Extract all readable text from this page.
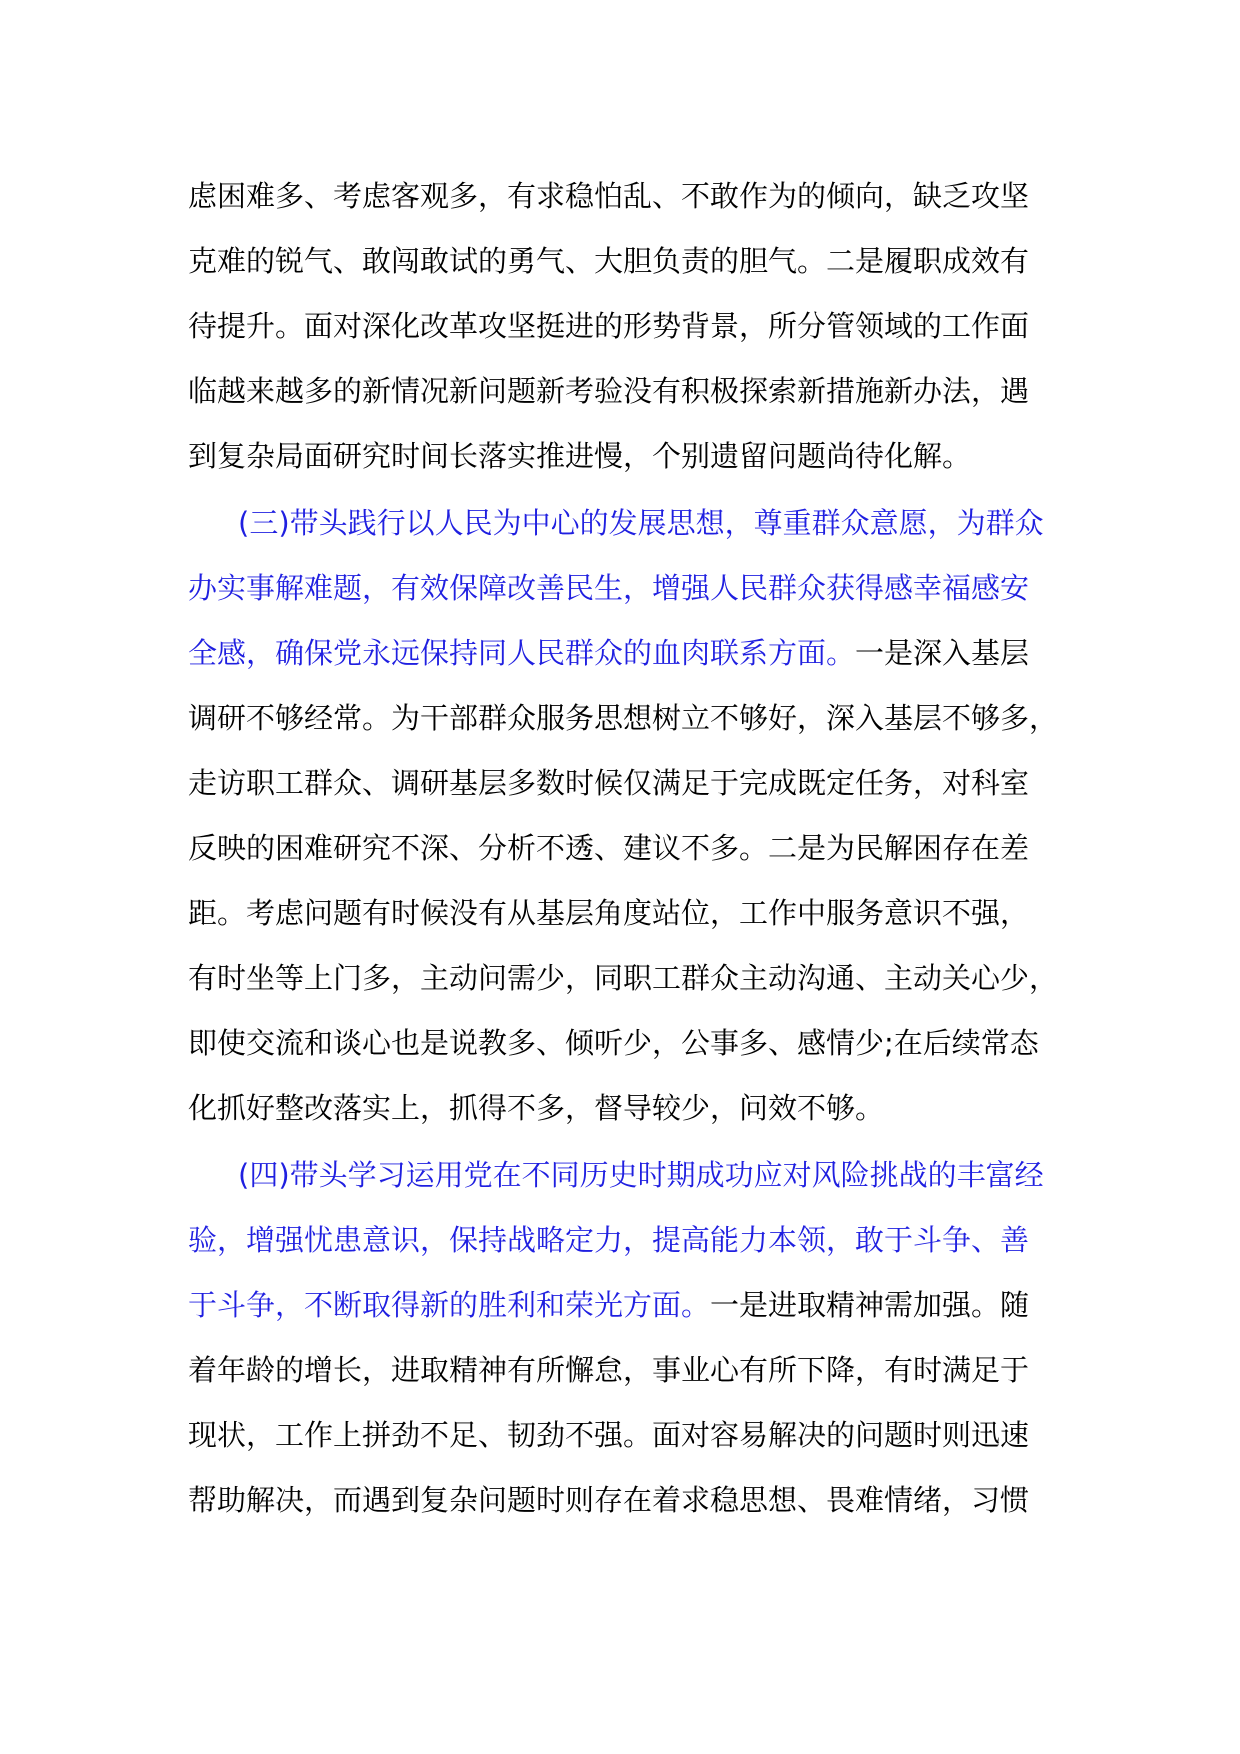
虑困难多、考虑客观多，有求稳怕乱、不敢作为的倾向，缺乏攻坚
克难的锐气、敢闯敢试的勇气、大胆负责的胆气。二是履职成效有
待提升。面对深化改革攻坚挺进的形势背景，所分管领域的工作面
临越来越多的新情况新问题新考验没有积极探索新措施新办法，遇
到复杂局面研究时间长落实推进慢，个别遗留问题尚待化解。
(三)带头践行以人民为中心的发展思想，尊重群众意愿，为群众
办实事解难题，有效保障改善民生，增强人民群众获得感幸福感安
全感，确保党永远保持同人民群众的血肉联系方面。一是深入基层
调研不够经常。为干部群众服务思想树立不够好，深入基层不够多，
走访职工群众、调研基层多数时候仅满足于完成既定任务，对科室
反映的困难研究不深、分析不透、建议不多。二是为民解困存在差
距。考虑问题有时候没有从基层角度站位，工作中服务意识不强，
有时坐等上门多，主动问需少，同职工群众主动沟通、主动关心少，
即使交流和谈心也是说教多、倾听少，公事多、感情少;在后续常态
化抓好整改落实上，抓得不多，督导较少，问效不够。
(四)带头学习运用党在不同历史时期成功应对风险挑战的丰富经
验，增强忧患意识，保持战略定力，提高能力本领，敢于斗争、善
于斗争，不断取得新的胜利和荣光方面。一是进取精神需加强。随
着年龄的增长，进取精神有所懈怠，事业心有所下降，有时满足于
现状，工作上拼劲不足、韧劲不强。面对容易解决的问题时则迅速
帮助解决，而遇到复杂问题时则存在着求稳思想、畏难情绪，习惯
